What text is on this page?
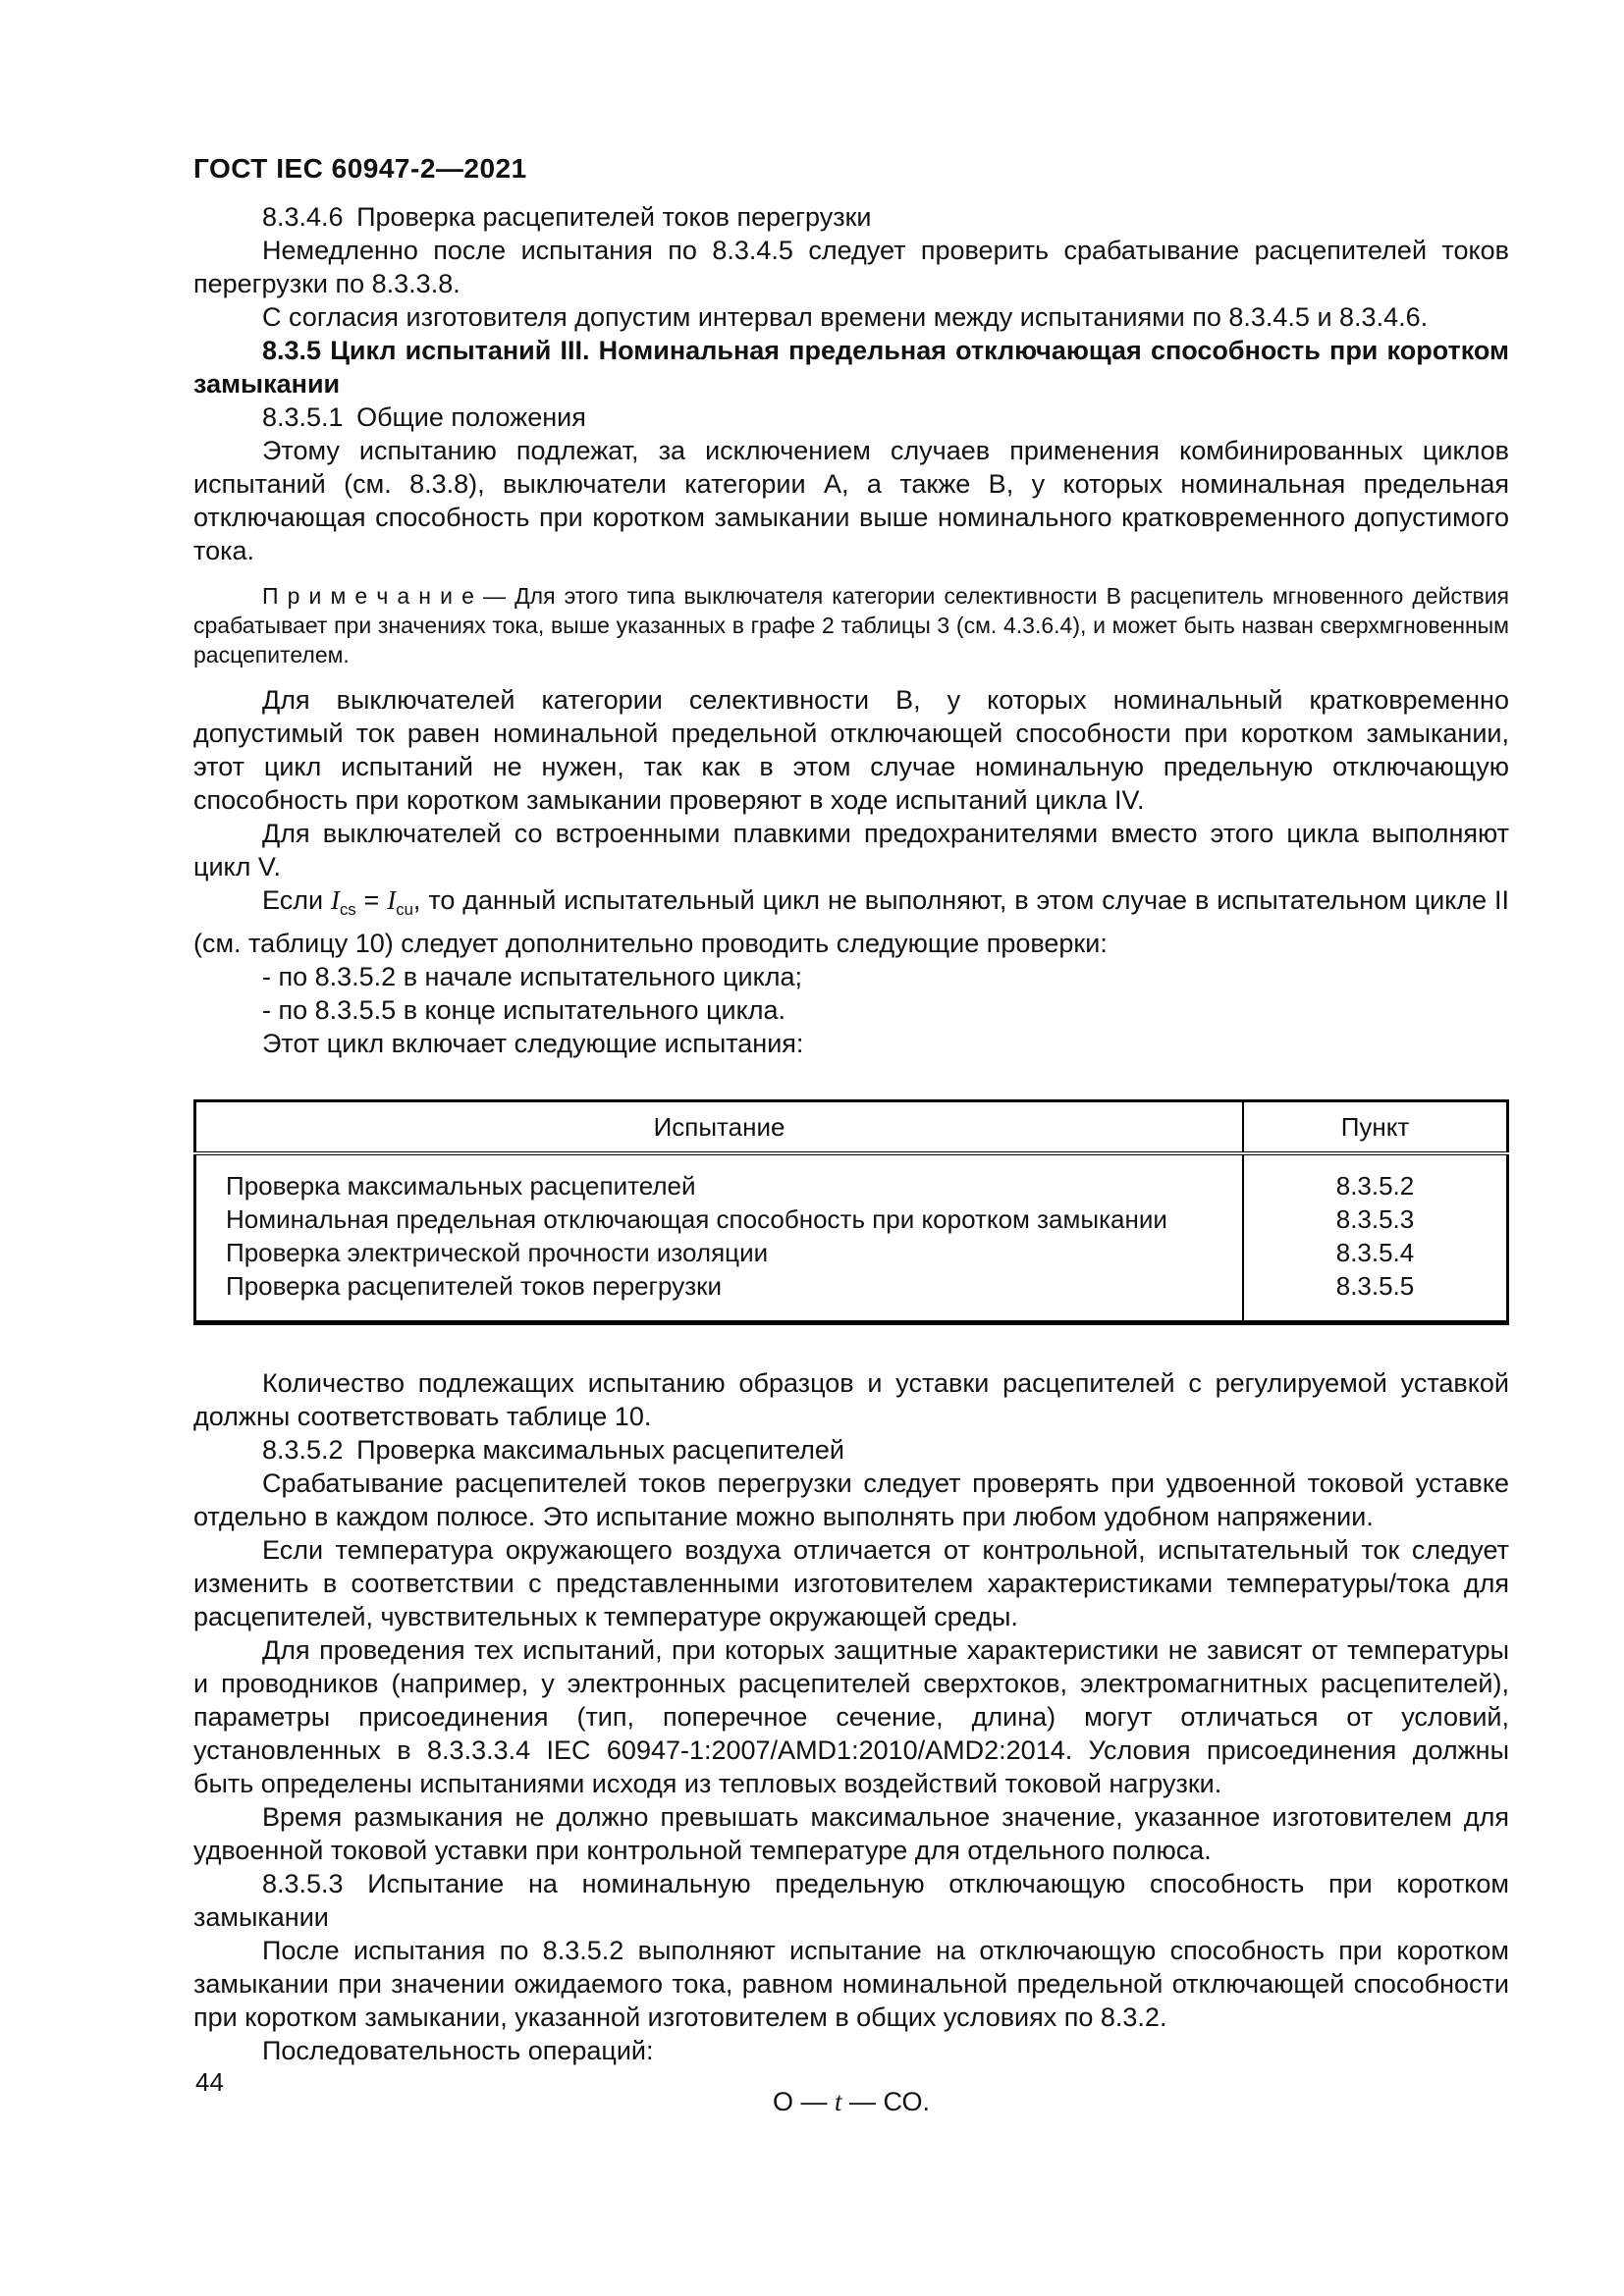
ГОСТ IEC 60947-2—2021

8.3.4.6 Проверка расцепителей токов перегрузки

Немедленно после испытания по 8.3.4.5 следует проверить срабатывание расцепителей токов перегрузки по 8.3.3.8.

С согласия изготовителя допустим интервал времени между испытаниями по 8.3.4.5 и 8.3.4.6.

8.3.5 Цикл испытаний III. Номинальная предельная отключающая способность при коротком замыкании

8.3.5.1 Общие положения

Этому испытанию подлежат, за исключением случаев применения комбинированных циклов испытаний (см. 8.3.8), выключатели категории A, а также B, у которых номинальная предельная отключающая способность при коротком замыкании выше номинального кратковременного допустимого тока.

П р и м е ч а н и е — Для этого типа выключателя категории селективности B расцепитель мгновенного действия срабатывает при значениях тока, выше указанных в графе 2 таблицы 3 (см. 4.3.6.4), и может быть назван сверхмгновенным расцепителем.

Для выключателей категории селективности B, у которых номинальный кратковременно допустимый ток равен номинальной предельной отключающей способности при коротком замыкании, этот цикл испытаний не нужен, так как в этом случае номинальную предельную отключающую способность при коротком замыкании проверяют в ходе испытаний цикла IV.

Для выключателей со встроенными плавкими предохранителями вместо этого цикла выполняют цикл V.

Если $I_{cs} = I_{cu}$, то данный испытательный цикл не выполняют, в этом случае в испытательном цикле II (см. таблицу 10) следует дополнительно проводить следующие проверки:

- по 8.3.5.2 в начале испытательного цикла;

- по 8.3.5.5 в конце испытательного цикла.

Этот цикл включает следующие испытания:

Испытание	Пункт
Проверка максимальных расцепителей	8.3.5.2
Номинальная предельная отключающая способность при коротком замыкании	8.3.5.3
Проверка электрической прочности изоляции	8.3.5.4
Проверка расцепителей токов перегрузки	8.3.5.5

Количество подлежащих испытанию образцов и уставки расцепителей с регулируемой уставкой должны соответствовать таблице 10.

8.3.5.2 Проверка максимальных расцепителей

Срабатывание расцепителей токов перегрузки следует проверять при удвоенной токовой уставке отдельно в каждом полюсе. Это испытание можно выполнять при любом удобном напряжении.

Если температура окружающего воздуха отличается от контрольной, испытательный ток следует изменить в соответствии с представленными изготовителем характеристиками температуры/тока для расцепителей, чувствительных к температуре окружающей среды.

Для проведения тех испытаний, при которых защитные характеристики не зависят от температуры и проводников (например, у электронных расцепителей сверхтоков, электромагнитных расцепителей), параметры присоединения (тип, поперечное сечение, длина) могут отличаться от условий, установленных в 8.3.3.3.4 IEC 60947-1:2007/AMD1:2010/AMD2:2014. Условия присоединения должны быть определены испытаниями исходя из тепловых воздействий токовой нагрузки.

Время размыкания не должно превышать максимальное значение, указанное изготовителем для удвоенной токовой уставки при контрольной температуре для отдельного полюса.

8.3.5.3 Испытание на номинальную предельную отключающую способность при коротком замыкании

После испытания по 8.3.5.2 выполняют испытание на отключающую способность при коротком замыкании при значении ожидаемого тока, равном номинальной предельной отключающей способности при коротком замыкании, указанной изготовителем в общих условиях по 8.3.2.

Последовательность операций:

О — t — СО.

44
